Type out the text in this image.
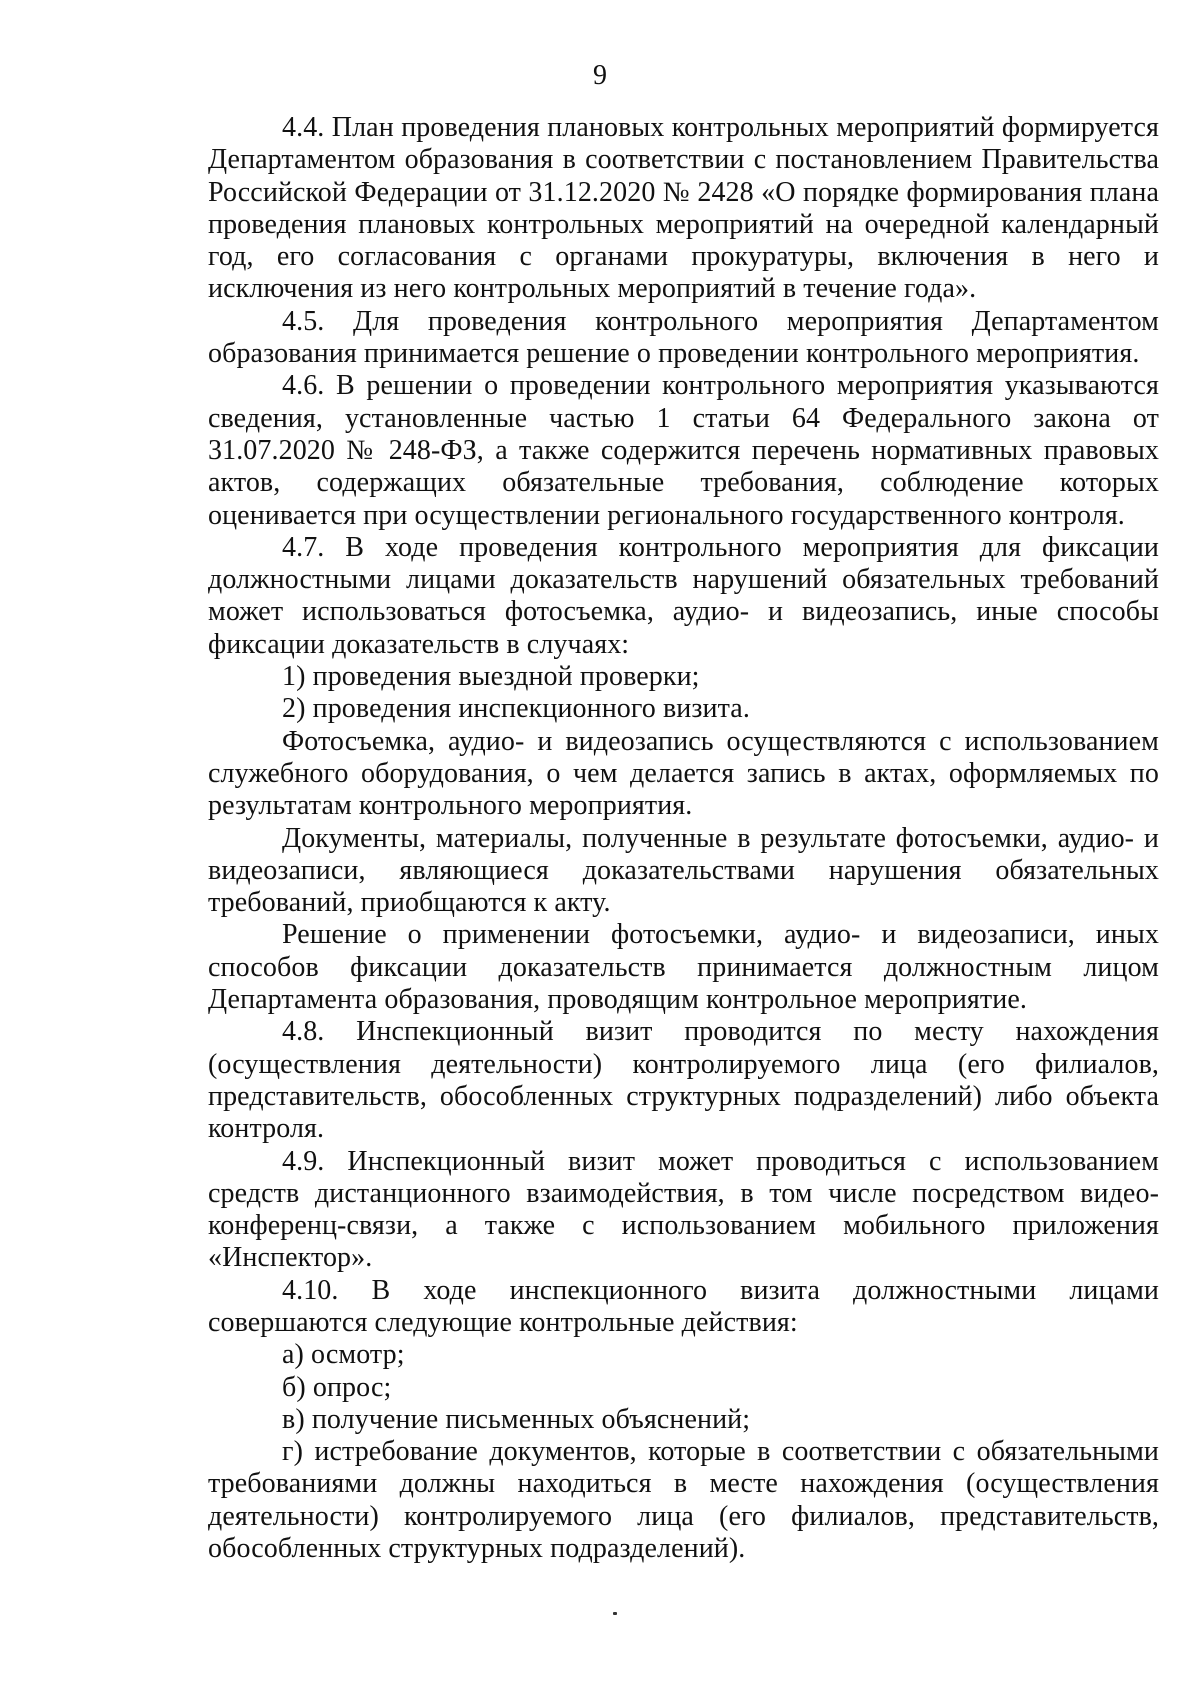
9

4.4. План проведения плановых контрольных мероприятий формируется Департаментом образования в соответствии с постановлением Правительства Российской Федерации от 31.12.2020 № 2428 «О порядке формирования плана проведения плановых контрольных мероприятий на очередной календарный год, его согласования с органами прокуратуры, включения в него и исключения из него контрольных мероприятий в течение года».

4.5. Для проведения контрольного мероприятия Департаментом образования принимается решение о проведении контрольного мероприятия.

4.6. В решении о проведении контрольного мероприятия указываются сведения, установленные частью 1 статьи 64 Федерального закона от 31.07.2020 № 248-ФЗ, а также содержится перечень нормативных правовых актов, содержащих обязательные требования, соблюдение которых оценивается при осуществлении регионального государственного контроля.

4.7. В ходе проведения контрольного мероприятия для фиксации должностными лицами доказательств нарушений обязательных требований может использоваться фотосъемка, аудио- и видеозапись, иные способы фиксации доказательств в случаях:

1) проведения выездной проверки;

2) проведения инспекционного визита.

Фотосъемка, аудио- и видеозапись осуществляются с использованием служебного оборудования, о чем делается запись в актах, оформляемых по результатам контрольного мероприятия.

Документы, материалы, полученные в результате фотосъемки, аудио- и видеозаписи, являющиеся доказательствами нарушения обязательных требований, приобщаются к акту.

Решение о применении фотосъемки, аудио- и видеозаписи, иных способов фиксации доказательств принимается должностным лицом Департамента образования, проводящим контрольное мероприятие.

4.8. Инспекционный визит проводится по месту нахождения (осуществления деятельности) контролируемого лица (его филиалов, представительств, обособленных структурных подразделений) либо объекта контроля.

4.9. Инспекционный визит может проводиться с использованием средств дистанционного взаимодействия, в том числе посредством видео-конференц-связи, а также с использованием мобильного приложения «Инспектор».

4.10. В ходе инспекционного визита должностными лицами совершаются следующие контрольные действия:

а) осмотр;

б) опрос;

в) получение письменных объяснений;

г) истребование документов, которые в соответствии с обязательными требованиями должны находиться в месте нахождения (осуществления деятельности) контролируемого лица (его филиалов, представительств, обособленных структурных подразделений).
